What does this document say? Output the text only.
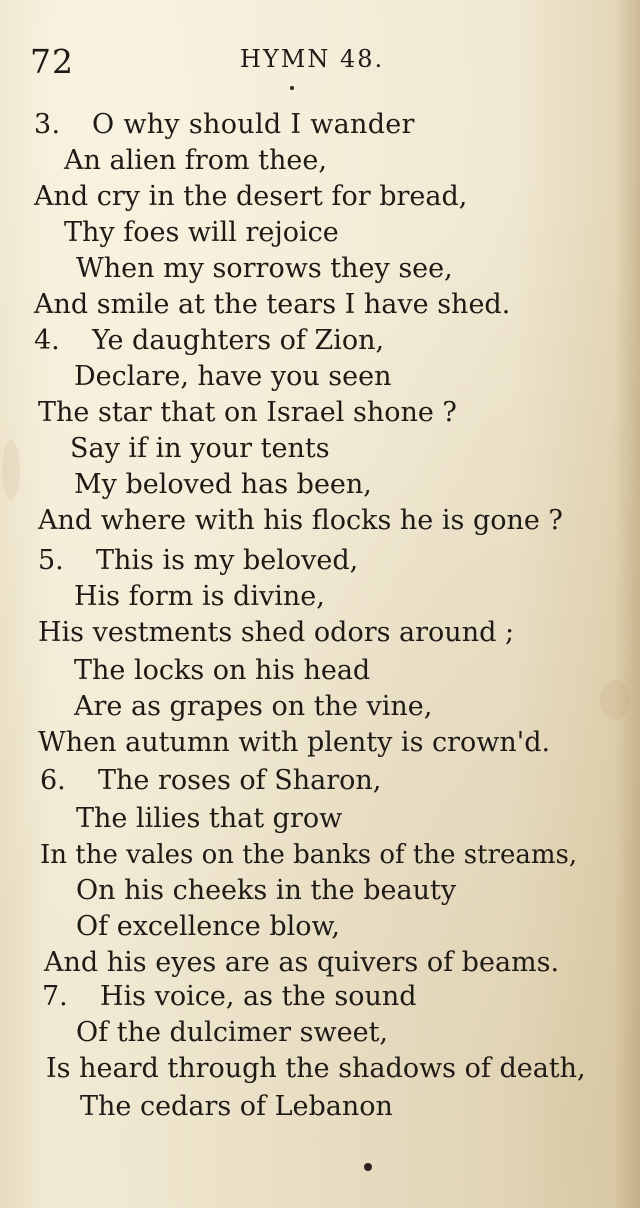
72	HYMN 48.
3. O why should I wander
An alien from thee,
And cry in the desert for bread,
Thy foes will rejoice
When my sorrows they see,
And smile at the tears I have shed.
4. Ye daughters of Zion,
Declare, have you seen
The star that on Israel shone ?
Say if in your tents
My beloved has been,
And where with his flocks he is gone ?
5. This is my beloved,
His form is divine,
His vestments shed odors around ;
The locks on his head
Are as grapes on the vine,
When autumn with plenty is crown'd.
6. The roses of Sharon,
The lilies that grow
In the vales on the banks of the streams,
On his cheeks in the beauty
Of excellence blow,
And his eyes are as quivers of beams.
7. His voice, as the sound
Of the dulcimer sweet,
Is heard through the shadows of death,
The cedars of Lebanon
